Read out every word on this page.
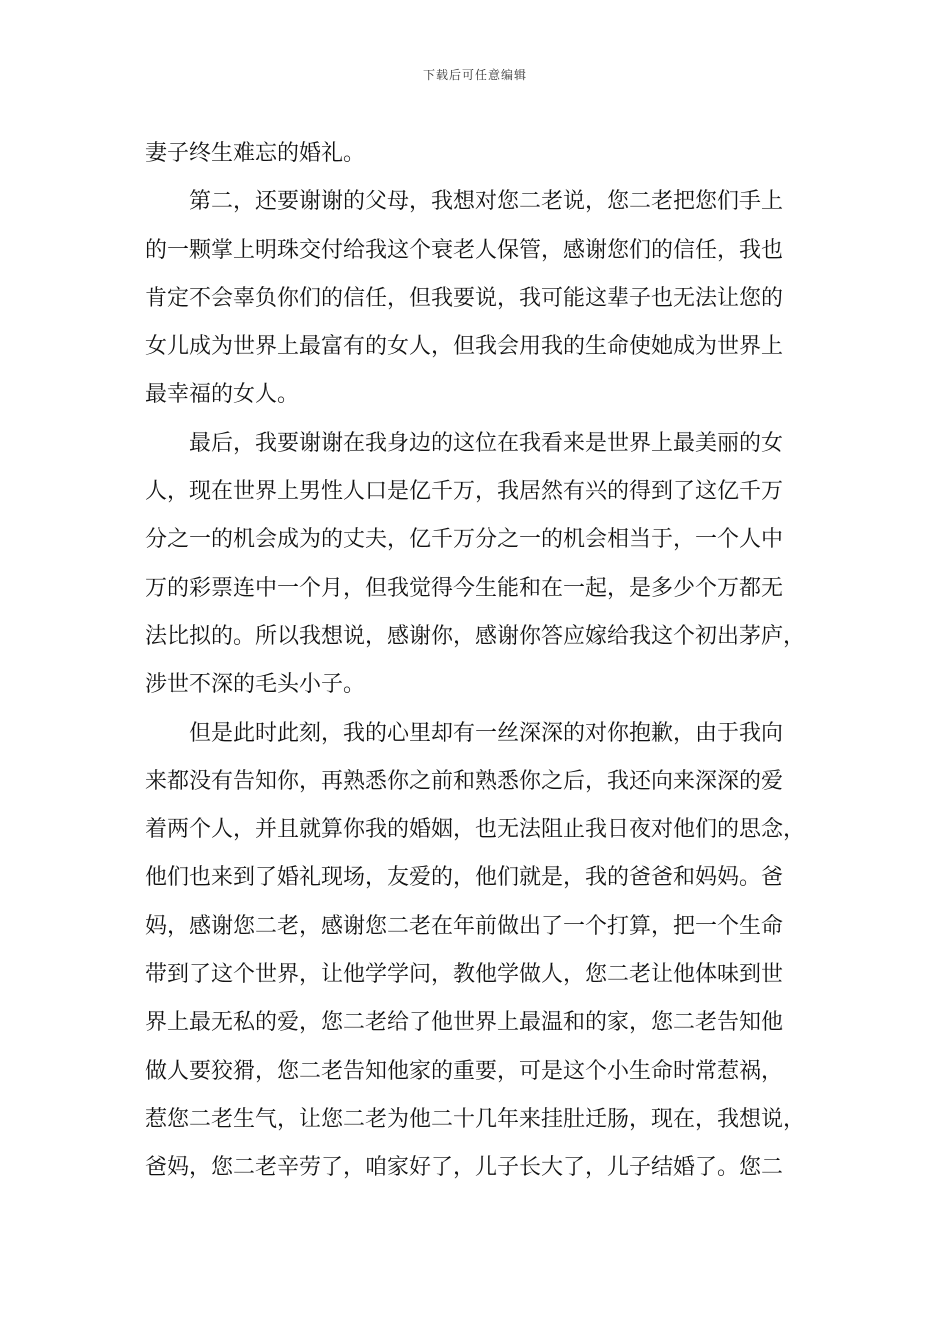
下载后可任意编辑
妻子终生难忘的婚礼。
第二，还要谢谢的父母，我想对您二老说，您二老把您们手上
的一颗掌上明珠交付给我这个衰老人保管，感谢您们的信任，我也
肯定不会辜负你们的信任，但我要说，我可能这辈子也无法让您的
女儿成为世界上最富有的女人，但我会用我的生命使她成为世界上
最幸福的女人。
最后，我要谢谢在我身边的这位在我看来是世界上最美丽的女
人，现在世界上男性人口是亿千万，我居然有兴的得到了这亿千万
分之一的机会成为的丈夫，亿千万分之一的机会相当于，一个人中
万的彩票连中一个月，但我觉得今生能和在一起，是多少个万都无
法比拟的。所以我想说，感谢你，感谢你答应嫁给我这个初出茅庐，
涉世不深的毛头小子。
但是此时此刻，我的心里却有一丝深深的对你抱歉，由于我向
来都没有告知你，再熟悉你之前和熟悉你之后，我还向来深深的爱
着两个人，并且就算你我的婚姻，也无法阻止我日夜对他们的思念，
他们也来到了婚礼现场，友爱的，他们就是，我的爸爸和妈妈。爸
妈，感谢您二老，感谢您二老在年前做出了一个打算，把一个生命
带到了这个世界，让他学学问，教他学做人，您二老让他体味到世
界上最无私的爱，您二老给了他世界上最温和的家，您二老告知他
做人要狡猾，您二老告知他家的重要，可是这个小生命时常惹祸，
惹您二老生气，让您二老为他二十几年来挂肚迁肠，现在，我想说，
爸妈，您二老辛劳了，咱家好了，儿子长大了，儿子结婚了。您二
